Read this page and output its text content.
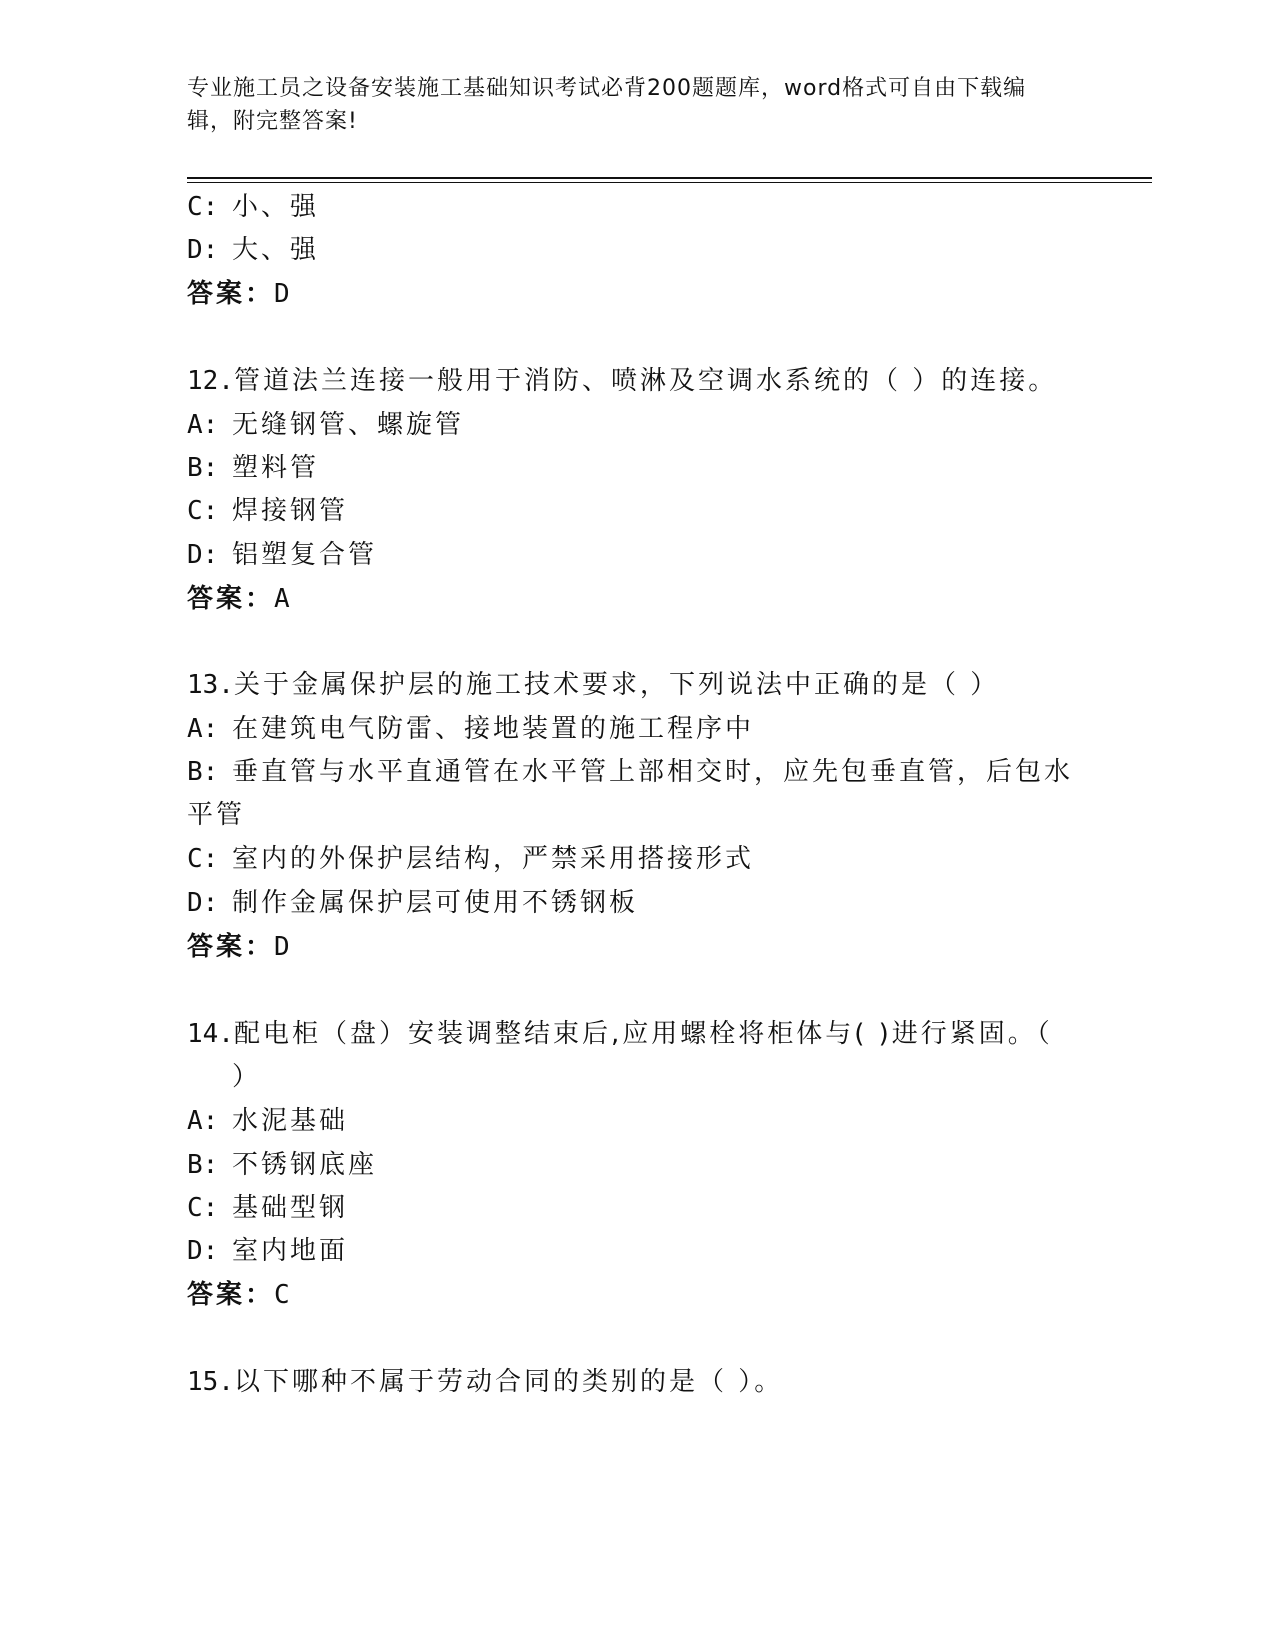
专业施工员之设备安装施工基础知识考试必背200题题库，word格式可自由下载编辑，附完整答案!
C: 小、强
D: 大、强
答案：D
12.管道法兰连接一般用于消防、喷淋及空调水系统的（ ）的连接。
A: 无缝钢管、螺旋管
B: 塑料管
C: 焊接钢管
D: 铝塑复合管
答案：A
13.关于金属保护层的施工技术要求，下列说法中正确的是（ ）
A: 在建筑电气防雷、接地装置的施工程序中
B: 垂直管与水平直通管在水平管上部相交时，应先包垂直管，后包水
平管
C: 室内的外保护层结构，严禁采用搭接形式
D: 制作金属保护层可使用不锈钢板
答案：D
14.配电柜（盘）安装调整结束后,应用螺栓将柜体与( )进行紧固。（
）
A: 水泥基础
B: 不锈钢底座
C: 基础型钢
D: 室内地面
答案：C
15.以下哪种不属于劳动合同的类别的是（ ）。
